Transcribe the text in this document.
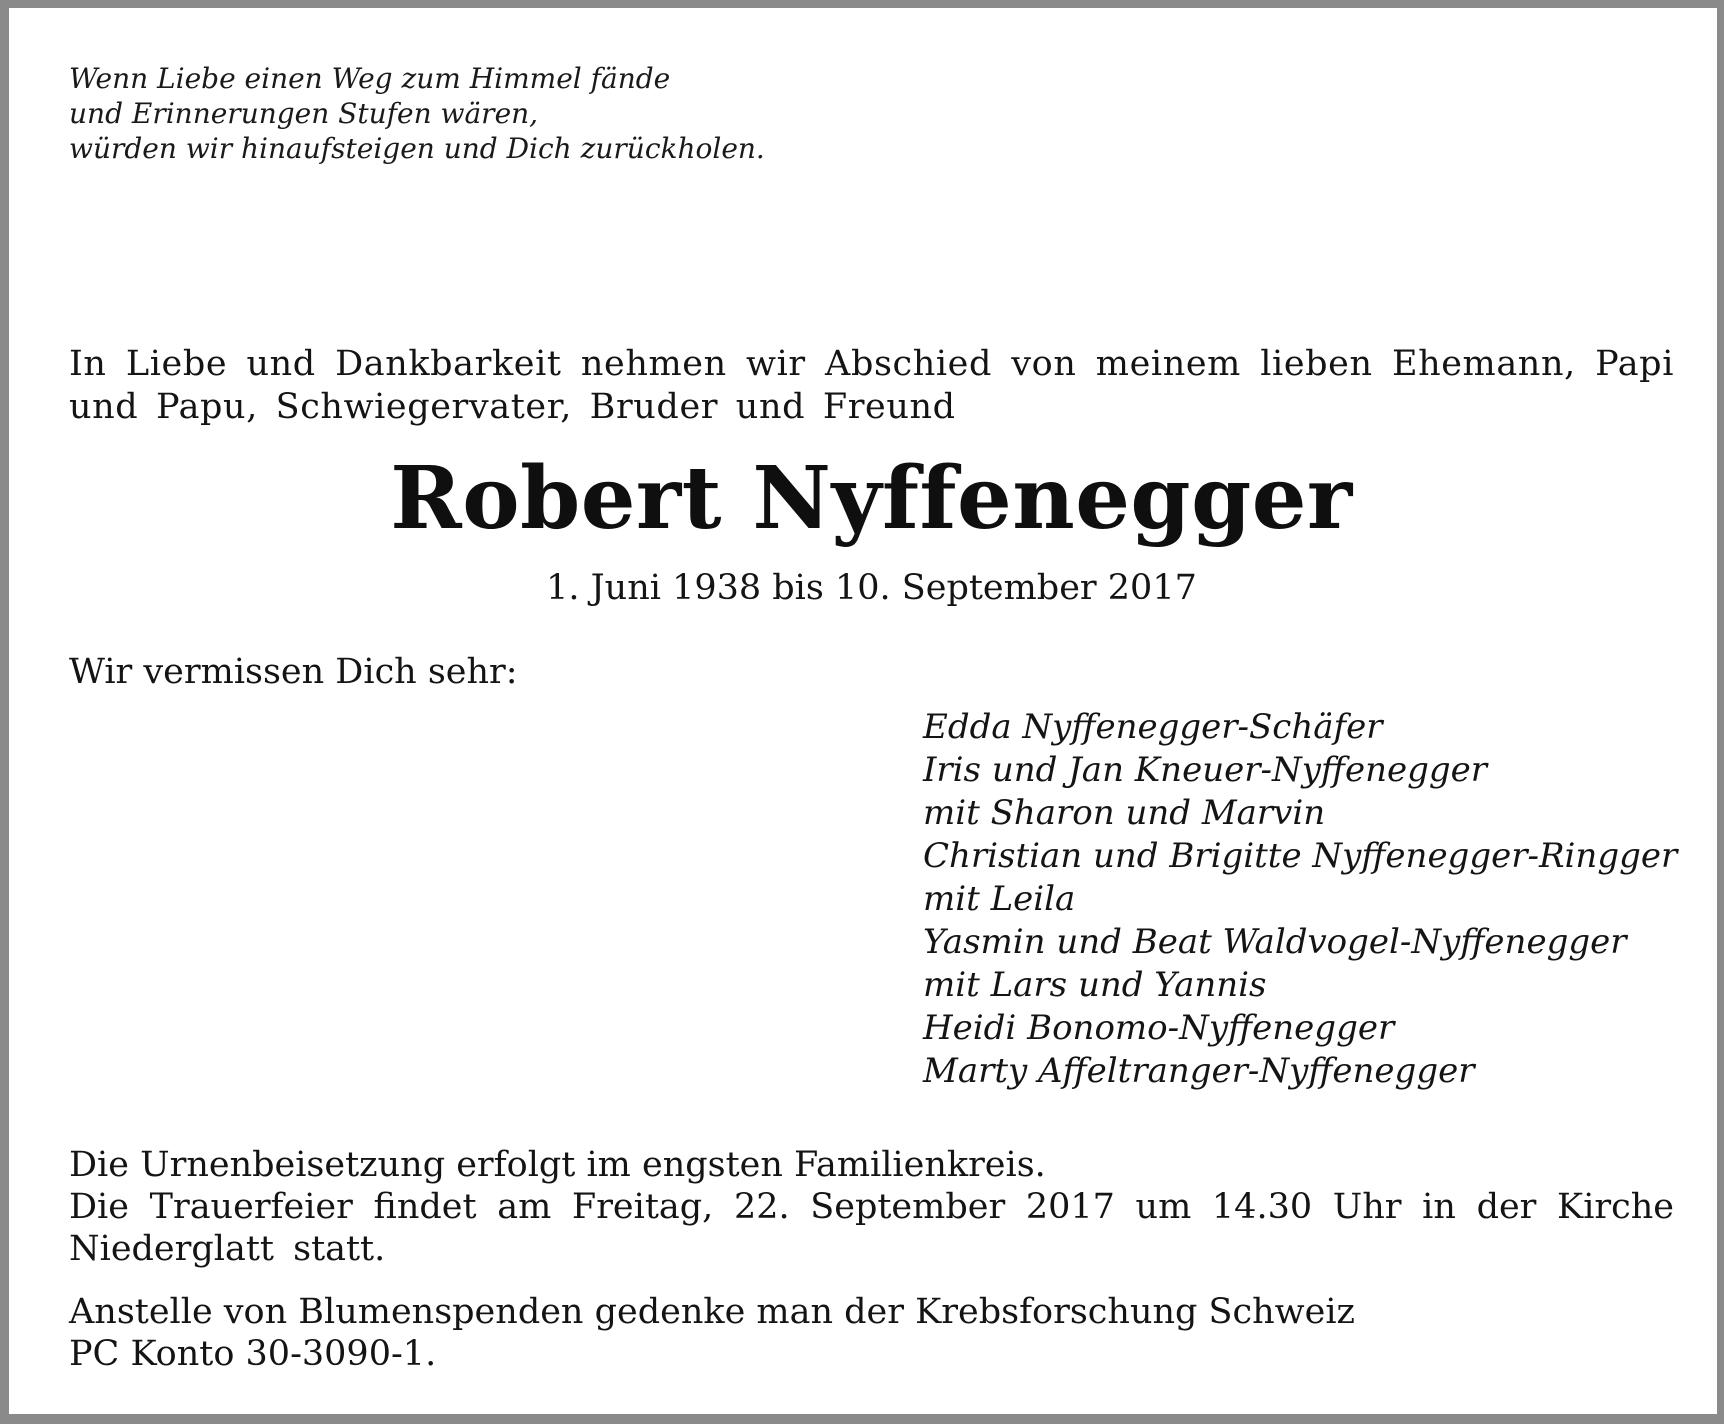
Wenn Liebe einen Weg zum Himmel fände
und Erinnerungen Stufen wären,
würden wir hinaufsteigen und Dich zurückholen.
In Liebe und Dankbarkeit nehmen wir Abschied von meinem lieben Ehemann, Papi und Papu, Schwiegervater, Bruder und Freund
Robert Nyffenegger
1. Juni 1938 bis 10. September 2017
Wir vermissen Dich sehr:
Edda Nyffenegger-Schäfer
Iris und Jan Kneuer-Nyffenegger
mit Sharon und Marvin
Christian und Brigitte Nyffenegger-Ringger
mit Leila
Yasmin und Beat Waldvogel-Nyffenegger
mit Lars und Yannis
Heidi Bonomo-Nyffenegger
Marty Affeltranger-Nyffenegger
Die Urnenbeisetzung erfolgt im engsten Familienkreis.
Die Trauerfeier findet am Freitag, 22. September 2017 um 14.30 Uhr in der Kirche Niederglatt statt.
Anstelle von Blumenspenden gedenke man der Krebsforschung Schweiz
PC Konto 30-3090-1.
